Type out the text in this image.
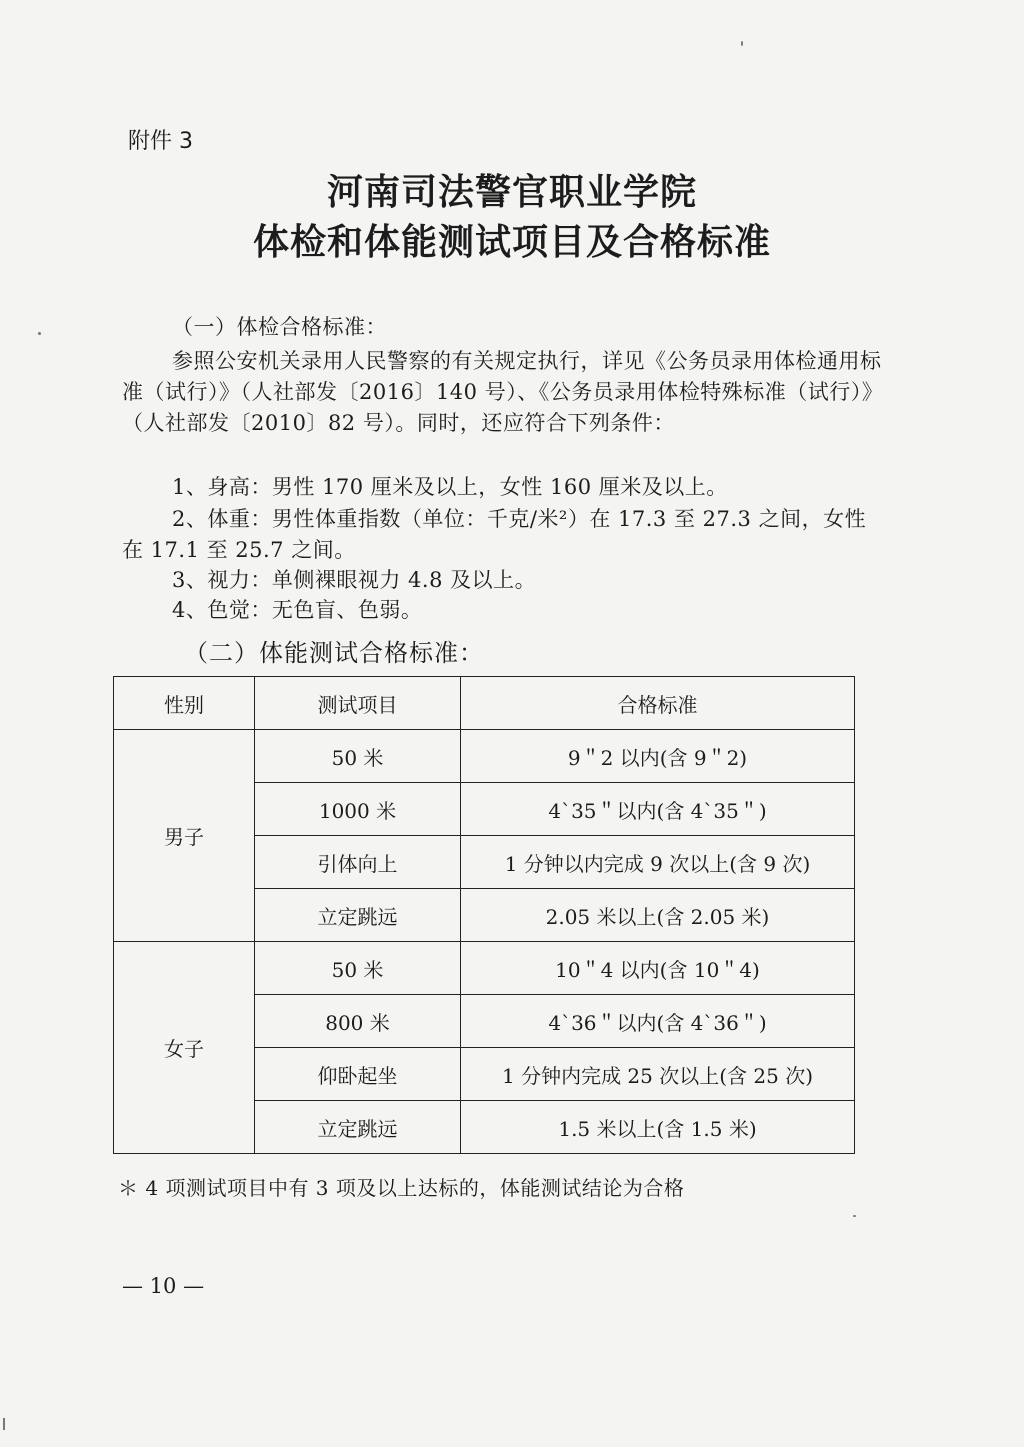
附件 3
河南司法警官职业学院
体检和体能测试项目及合格标准
（一）体检合格标准：
参照公安机关录用人民警察的有关规定执行，详见《公务员录用体检通用标准（试行）》（人社部发〔2016〕140 号）、《公务员录用体检特殊标准（试行）》（人社部发〔2010〕82 号）。同时，还应符合下列条件：
1、身高：男性 170 厘米及以上，女性 160 厘米及以上。
2、体重：男性体重指数（单位：千克/米²）在 17.3 至 27.3 之间，女性在 17.1 至 25.7 之间。
3、视力：单侧裸眼视力 4.8 及以上。
4、色觉：无色盲、色弱。
（二）体能测试合格标准：
性别	测试项目	合格标准
男子	50 米	9＂2 以内(含 9＂2)
	1000 米	4`35＂以内(含 4`35＂)
	引体向上	1 分钟以内完成 9 次以上(含 9 次)
	立定跳远	2.05 米以上(含 2.05 米)
女子	50 米	10＂4 以内(含 10＂4)
	800 米	4`36＂以内(含 4`36＂)
	仰卧起坐	1 分钟内完成 25 次以上(含 25 次)
	立定跳远	1.5 米以上(含 1.5 米)
＊ 4 项测试项目中有 3 项及以上达标的，体能测试结论为合格
— 10 —
